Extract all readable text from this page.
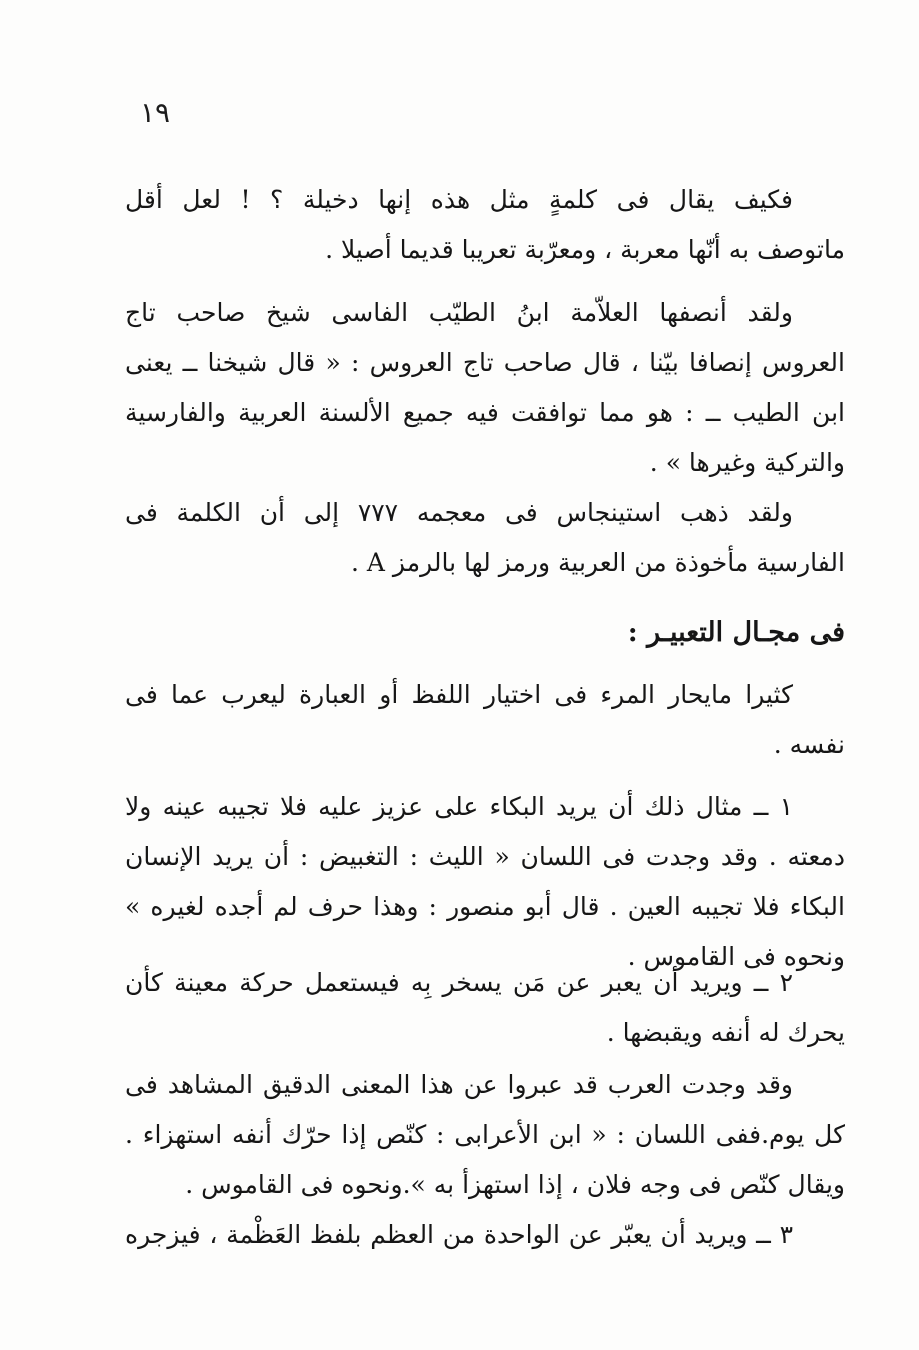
١٩
فكيف يقال فى كلمةٍ مثل هذه إنها دخيلة ؟ ! لعل أقل
ماتوصف به أنّها معربة ، ومعرّبة تعريبا قديما أصيلا .
ولقد أنصفها العلاّمة ابنُ الطيّب الفاسى شيخ صاحب تاج
العروس إنصافا بيّنا ، قال صاحب تاج العروس : « قال شيخنا ــ يعنى
ابن الطيب ــ : هو مما توافقت فيه جميع الألسنة العربية والفارسية
والتركية وغيرها » .
ولقد ذهب استينجاس فى معجمه ٧٧٧ إلى أن الكلمة فى
الفارسية مأخوذة من العربية ورمز لها بالرمز A .
فى مجـال التعبيـر :
كثيرا مايحار المرء فى اختيار اللفظ أو العبارة ليعرب عما فى
نفسه .
١ ــ مثال ذلك أن يريد البكاء على عزيز عليه فلا تجيبه عينه ولا
دمعته . وقد وجدت فى اللسان « الليث : التغبيض : أن يريد الإنسان
البكاء فلا تجيبه العين . قال أبو منصور : وهذا حرف لم أجده لغيره »
ونحوه فى القاموس .
٢ ــ ويريد أن يعبر عن مَن يسخر بِه فيستعمل حركة معينة كأن
يحرك له أنفه ويقبضها .
وقد وجدت العرب قد عبروا عن هذا المعنى الدقيق المشاهد فى
كل يوم.ففى اللسان : « ابن الأعرابى : كنّص إذا حرّك أنفه استهزاء .
ويقال كنّص فى وجه فلان ، إذا استهزأ به ».ونحوه فى القاموس .
٣ ــ ويريد أن يعبّر عن الواحدة من العظم بلفظ العَظْمة ، فيزجره
